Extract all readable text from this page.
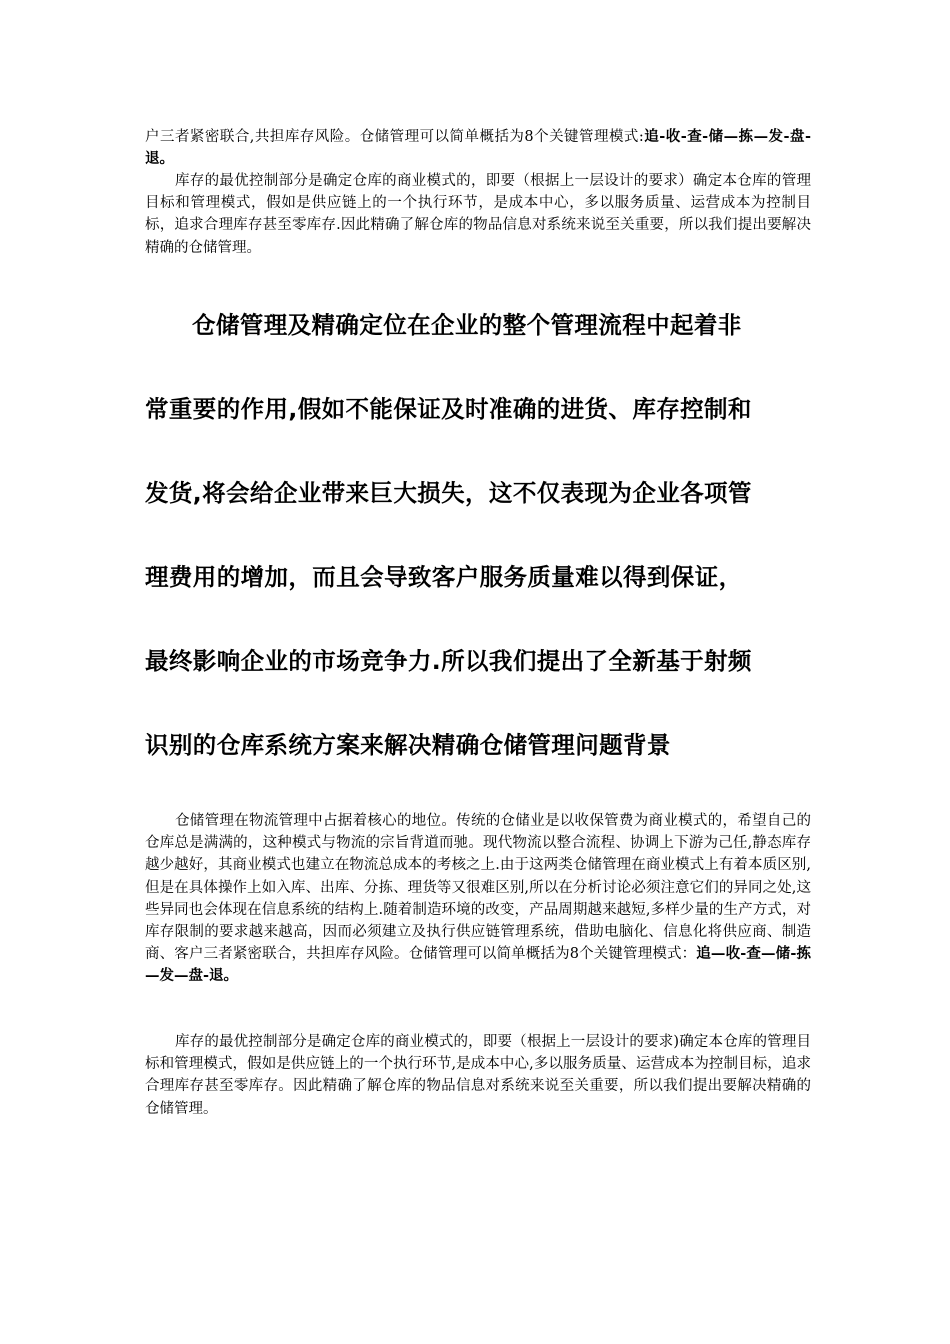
户三者紧密联合,共担库存风险。仓储管理可以简单概括为8个关键管理模式:追-收-查-储—拣—发-盘-退。

库存的最优控制部分是确定仓库的商业模式的，即要（根据上一层设计的要求）确定本仓库的管理目标和管理模式，假如是供应链上的一个执行环节，是成本中心，多以服务质量、运营成本为控制目标，追求合理库存甚至零库存.因此精确了解仓库的物品信息对系统来说至关重要，所以我们提出要解决精确的仓储管理。

仓储管理及精确定位在企业的整个管理流程中起着非
常重要的作用,假如不能保证及时准确的进货、库存控制和
发货,将会给企业带来巨大损失，这不仅表现为企业各项管
理费用的增加，而且会导致客户服务质量难以得到保证，
最终影响企业的市场竞争力.所以我们提出了全新基于射频
识别的仓库系统方案来解决精确仓储管理问题背景

仓储管理在物流管理中占据着核心的地位。传统的仓储业是以收保管费为商业模式的，希望自己的仓库总是满满的，这种模式与物流的宗旨背道而驰。现代物流以整合流程、协调上下游为己任,静态库存越少越好，其商业模式也建立在物流总成本的考核之上.由于这两类仓储管理在商业模式上有着本质区别,但是在具体操作上如入库、出库、分拣、理货等又很难区别,所以在分析讨论必须注意它们的异同之处,这些异同也会体现在信息系统的结构上.随着制造环境的改变，产品周期越来越短,多样少量的生产方式，对库存限制的要求越来越高，因而必须建立及执行供应链管理系统，借助电脑化、信息化将供应商、制造商、客户三者紧密联合，共担库存风险。仓储管理可以简单概括为8个关键管理模式：追—收-查—储-拣—发—盘-退。

库存的最优控制部分是确定仓库的商业模式的，即要（根据上一层设计的要求)确定本仓库的管理目标和管理模式，假如是供应链上的一个执行环节,是成本中心,多以服务质量、运营成本为控制目标，追求合理库存甚至零库存。因此精确了解仓库的物品信息对系统来说至关重要，所以我们提出要解决精确的仓储管理。
